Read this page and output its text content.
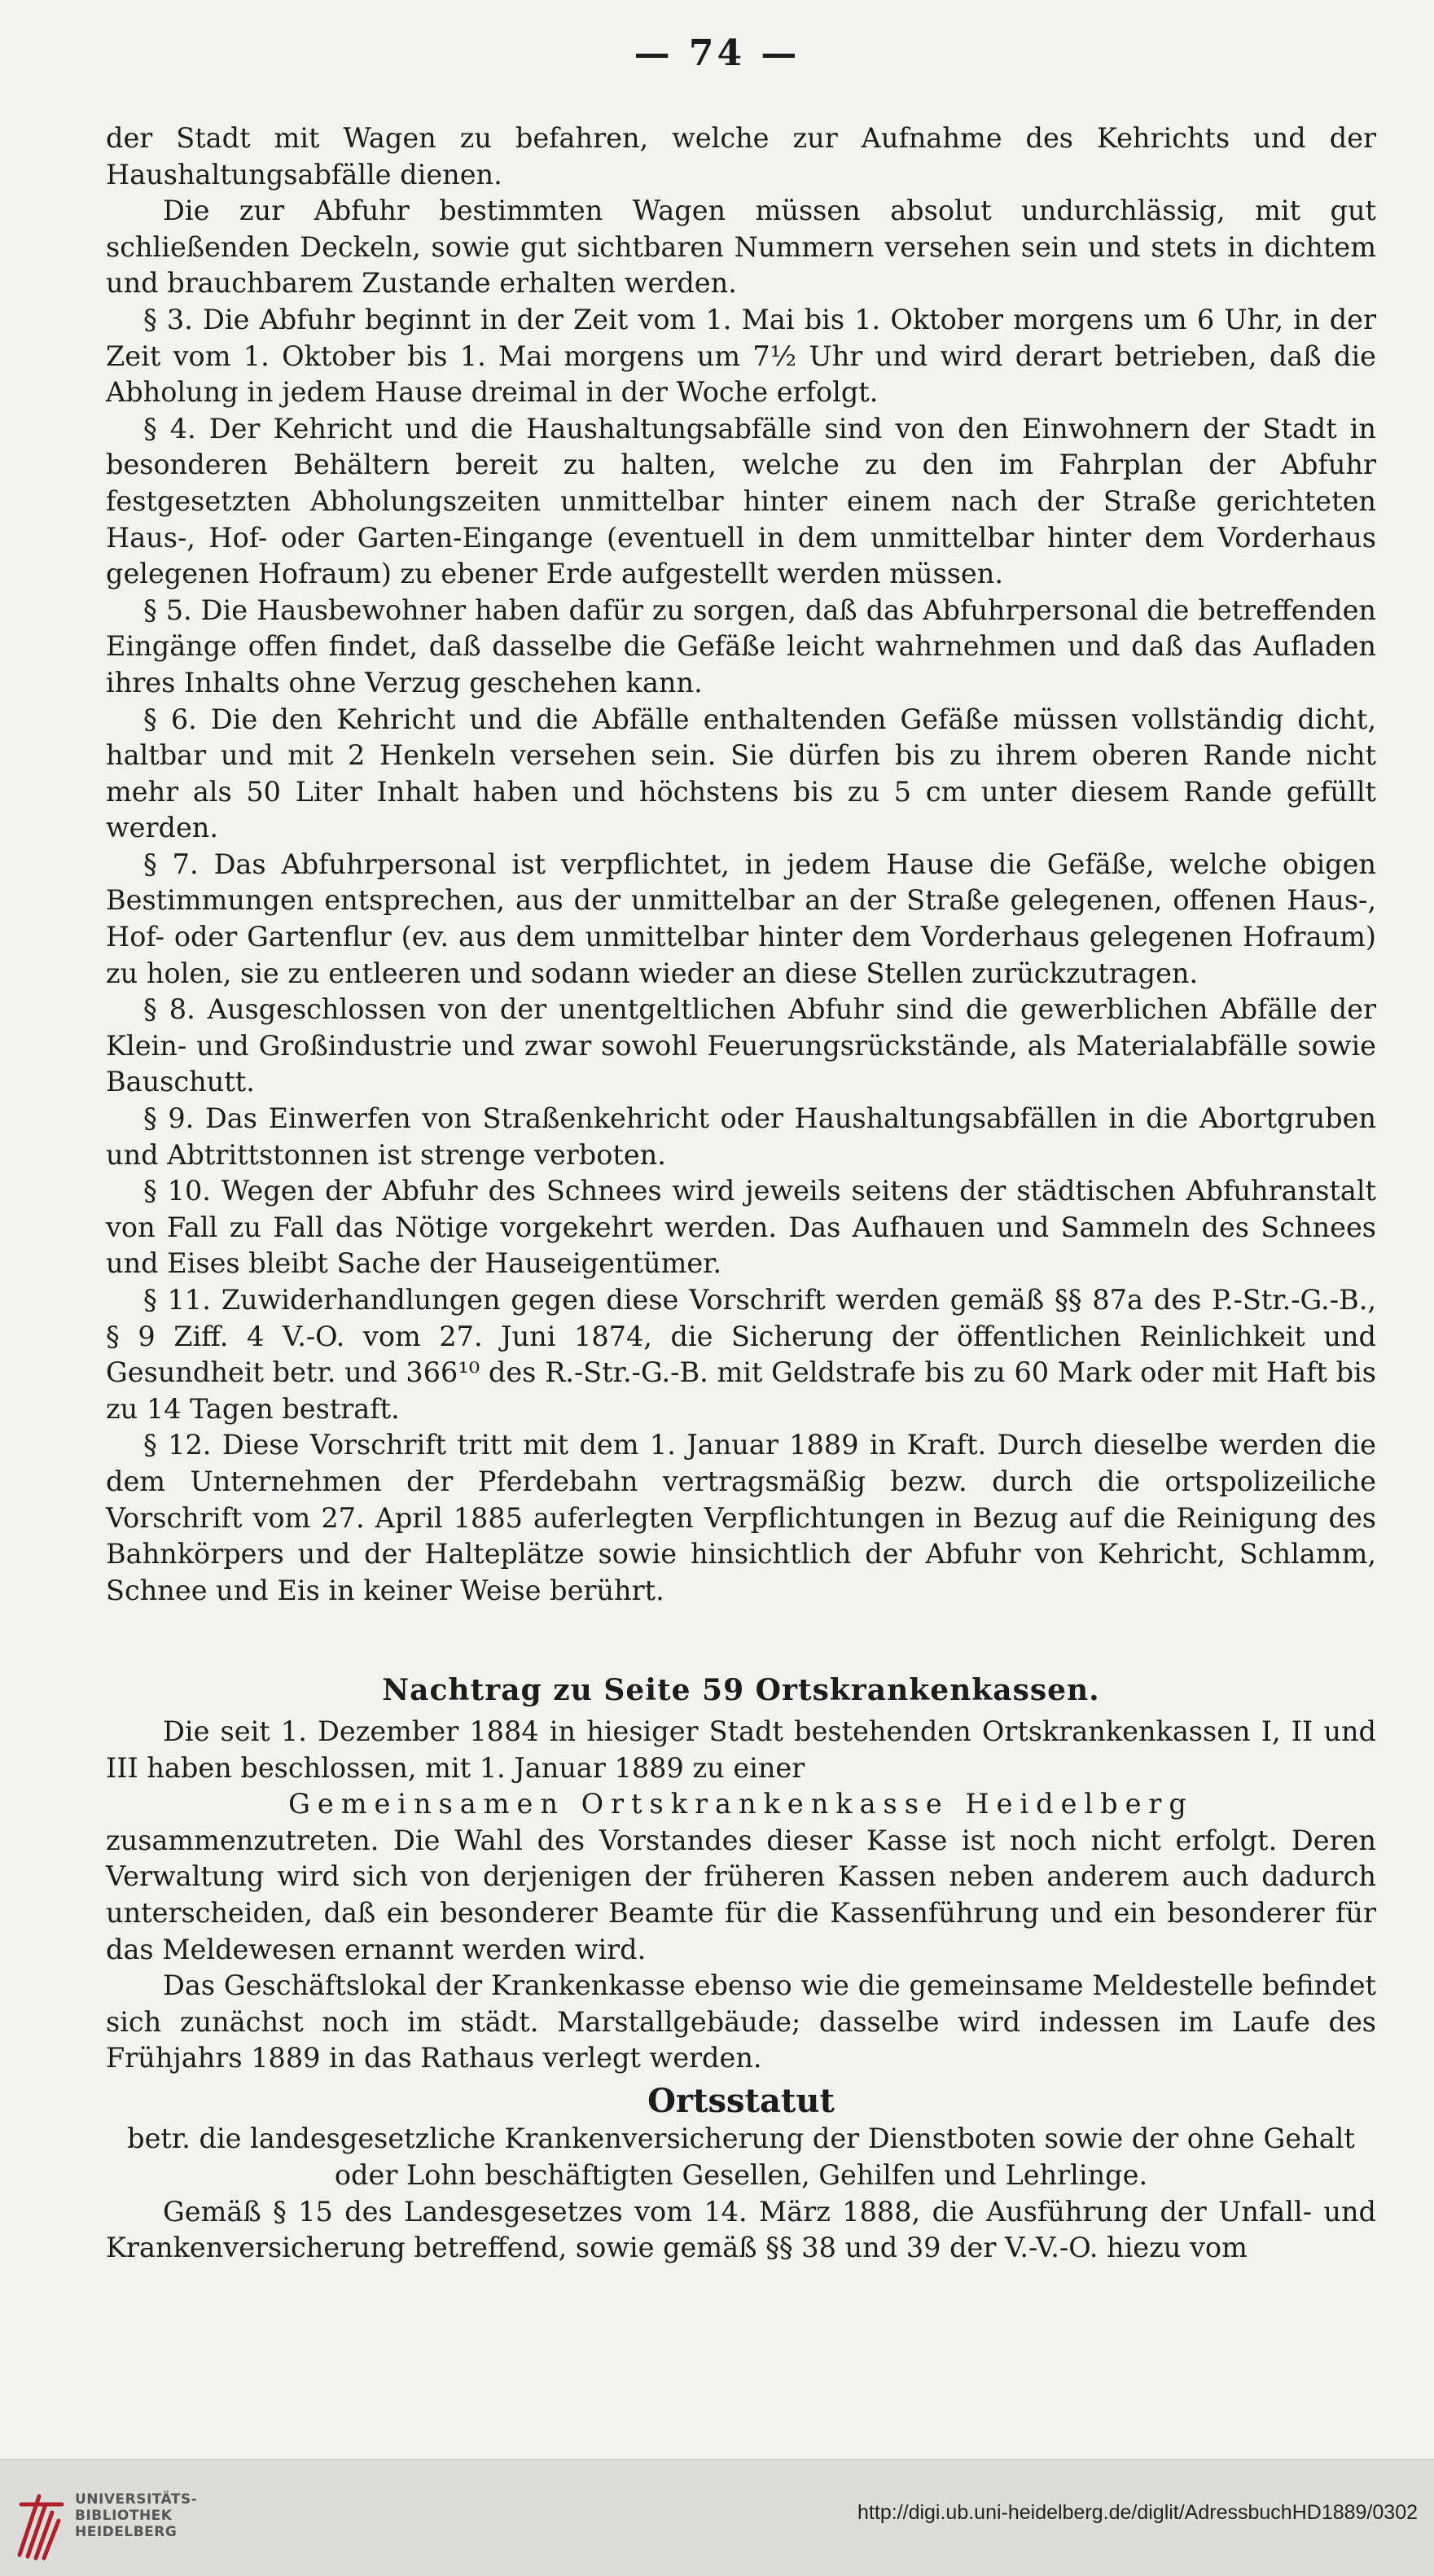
— 74 —

der Stadt mit Wagen zu befahren, welche zur Aufnahme des Kehrichts und der Haushaltungsabfälle dienen.

Die zur Abfuhr bestimmten Wagen müssen absolut undurchlässig, mit gut schließenden Deckeln, sowie gut sichtbaren Nummern versehen sein und stets in dichtem und brauchbarem Zustande erhalten werden.

§ 3. Die Abfuhr beginnt in der Zeit vom 1. Mai bis 1. Oktober morgens um 6 Uhr, in der Zeit vom 1. Oktober bis 1. Mai morgens um 7½ Uhr und wird derart betrieben, daß die Abholung in jedem Hause dreimal in der Woche erfolgt.

§ 4. Der Kehricht und die Haushaltungsabfälle sind von den Einwohnern der Stadt in besonderen Behältern bereit zu halten, welche zu den im Fahrplan der Abfuhr festgesetzten Abholungszeiten unmittelbar hinter einem nach der Straße gerichteten Haus-, Hof- oder Garten-Eingange (eventuell in dem unmittelbar hinter dem Vorderhaus gelegenen Hofraum) zu ebener Erde aufgestellt werden müssen.

§ 5. Die Hausbewohner haben dafür zu sorgen, daß das Abfuhrpersonal die betreffenden Eingänge offen findet, daß dasselbe die Gefäße leicht wahrnehmen und daß das Aufladen ihres Inhalts ohne Verzug geschehen kann.

§ 6. Die den Kehricht und die Abfälle enthaltenden Gefäße müssen vollständig dicht, haltbar und mit 2 Henkeln versehen sein. Sie dürfen bis zu ihrem oberen Rande nicht mehr als 50 Liter Inhalt haben und höchstens bis zu 5 cm unter diesem Rande gefüllt werden.

§ 7. Das Abfuhrpersonal ist verpflichtet, in jedem Hause die Gefäße, welche obigen Bestimmungen entsprechen, aus der unmittelbar an der Straße gelegenen, offenen Haus-, Hof- oder Gartenflur (ev. aus dem unmittelbar hinter dem Vorderhaus gelegenen Hofraum) zu holen, sie zu entleeren und sodann wieder an diese Stellen zurückzutragen.

§ 8. Ausgeschlossen von der unentgeltlichen Abfuhr sind die gewerblichen Abfälle der Klein- und Großindustrie und zwar sowohl Feuerungsrückstände, als Materialabfälle sowie Bauschutt.

§ 9. Das Einwerfen von Straßenkehricht oder Haushaltungsabfällen in die Abortgruben und Abtrittstonnen ist strenge verboten.

§ 10. Wegen der Abfuhr des Schnees wird jeweils seitens der städtischen Abfuhranstalt von Fall zu Fall das Nötige vorgekehrt werden. Das Aufhauen und Sammeln des Schnees und Eises bleibt Sache der Hauseigentümer.

§ 11. Zuwiderhandlungen gegen diese Vorschrift werden gemäß §§ 87a des P.-Str.-G.-B., § 9 Ziff. 4 V.-O. vom 27. Juni 1874, die Sicherung der öffentlichen Reinlichkeit und Gesundheit betr. und 366¹⁰ des R.-Str.-G.-B. mit Geldstrafe bis zu 60 Mark oder mit Haft bis zu 14 Tagen bestraft.

§ 12. Diese Vorschrift tritt mit dem 1. Januar 1889 in Kraft. Durch dieselbe werden die dem Unternehmen der Pferdebahn vertragsmäßig bezw. durch die ortspolizeiliche Vorschrift vom 27. April 1885 auferlegten Verpflichtungen in Bezug auf die Reinigung des Bahnkörpers und der Halteplätze sowie hinsichtlich der Abfuhr von Kehricht, Schlamm, Schnee und Eis in keiner Weise berührt.

Nachtrag zu Seite 59 Ortskrankenkassen.

Die seit 1. Dezember 1884 in hiesiger Stadt bestehenden Ortskrankenkassen I, II und III haben beschlossen, mit 1. Januar 1889 zu einer

Gemeinsamen Ortskrankenkasse Heidelberg

zusammenzutreten. Die Wahl des Vorstandes dieser Kasse ist noch nicht erfolgt. Deren Verwaltung wird sich von derjenigen der früheren Kassen neben anderem auch dadurch unterscheiden, daß ein besonderer Beamte für die Kassenführung und ein besonderer für das Meldewesen ernannt werden wird.

Das Geschäftslokal der Krankenkasse ebenso wie die gemeinsame Meldestelle befindet sich zunächst noch im städt. Marstallgebäude; dasselbe wird indessen im Laufe des Frühjahrs 1889 in das Rathaus verlegt werden.

Ortsstatut

betr. die landesgesetzliche Krankenversicherung der Dienstboten sowie der ohne Gehalt oder Lohn beschäftigten Gesellen, Gehilfen und Lehrlinge.

Gemäß § 15 des Landesgesetzes vom 14. März 1888, die Ausführung der Unfall- und Krankenversicherung betreffend, sowie gemäß §§ 38 und 39 der V.-V.-O. hiezu vom

UNIVERSITÄTS-
BIBLIOTHEK
HEIDELBERG
http://digi.ub.uni-heidelberg.de/diglit/AdressbuchHD1889/0302
